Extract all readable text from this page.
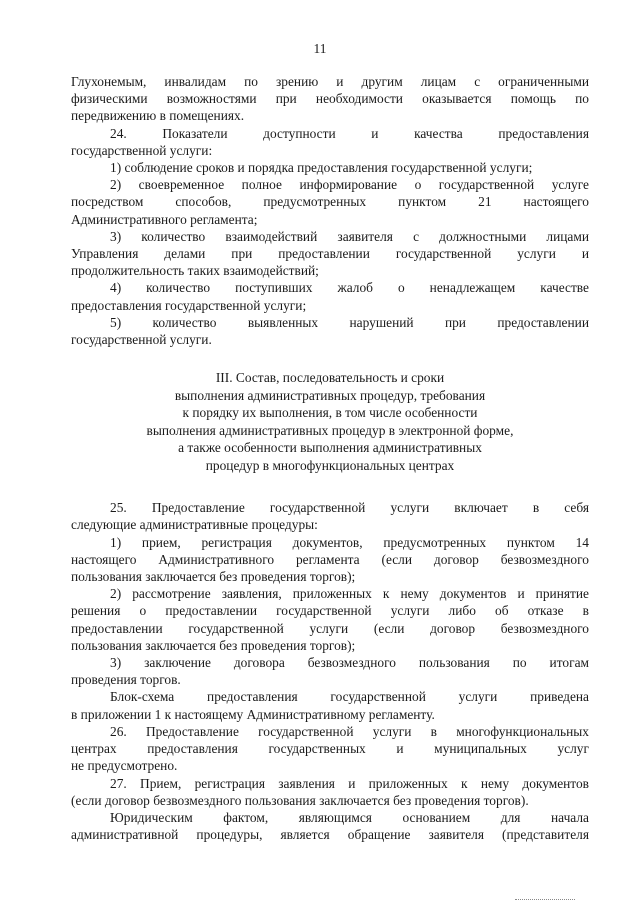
11

Глухонемым, инвалидам по зрению и другим лицам с ограниченными

физическими возможностями при необходимости оказывается помощь по

передвижению в помещениях.

24. Показатели доступности и качества предоставления

государственной услуги:

1) соблюдение сроков и порядка предоставления государственной услуги;

2) своевременное полное информирование о государственной услуге

посредством способов, предусмотренных пунктом 21 настоящего

Административного регламента;

3) количество взаимодействий заявителя с должностными лицами

Управления делами при предоставлении государственной услуги и

продолжительность таких взаимодействий;

4) количество поступивших жалоб о ненадлежащем качестве

предоставления государственной услуги;

5) количество выявленных нарушений при предоставлении

государственной услуги.

III. Состав, последовательность и сроки

выполнения административных процедур, требования

к порядку их выполнения, в том числе особенности

выполнения административных процедур в электронной форме,

а также особенности выполнения административных

процедур в многофункциональных центрах

25. Предоставление государственной услуги включает в себя

следующие административные процедуры:

1) прием, регистрация документов, предусмотренных пунктом 14

настоящего Административного регламента (если договор безвозмездного

пользования заключается без проведения торгов);

2) рассмотрение заявления, приложенных к нему документов и принятие

решения о предоставлении государственной услуги либо об отказе в

предоставлении государственной услуги (если договор безвозмездного

пользования заключается без проведения торгов);

3) заключение договора безвозмездного пользования по итогам

проведения торгов.

Блок-схема предоставления государственной услуги приведена

в приложении 1 к настоящему Административному регламенту.

26. Предоставление государственной услуги в многофункциональных

центрах предоставления государственных и муниципальных услуг

не предусмотрено.

27. Прием, регистрация заявления и приложенных к нему документов

(если договор безвозмездного пользования заключается без проведения торгов).

Юридическим фактом, являющимся основанием для начала

административной процедуры, является обращение заявителя (представителя
